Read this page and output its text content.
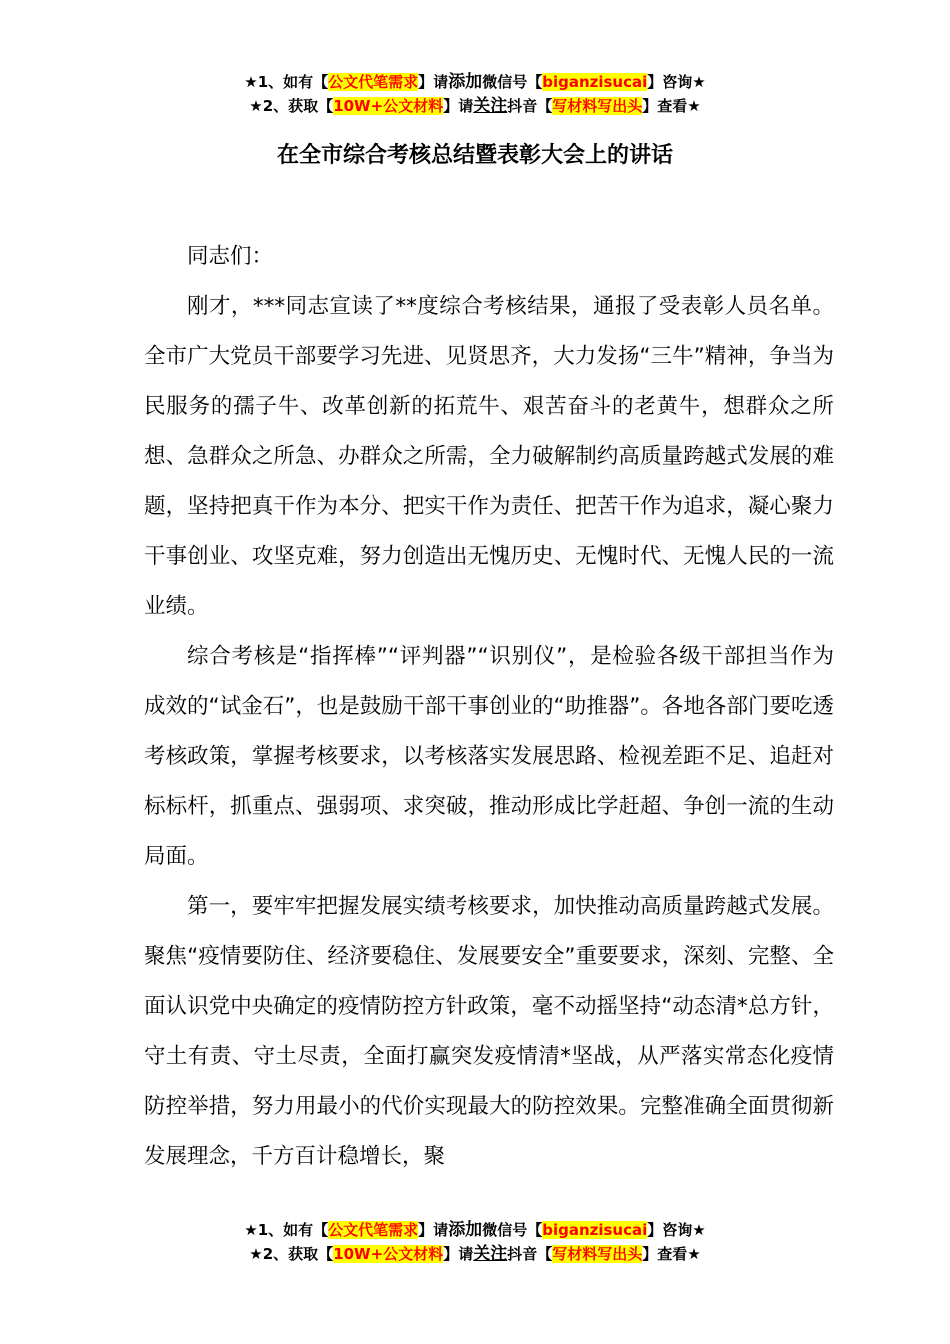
★1、如有【公文代笔需求】请添加微信号【biganzisucai】咨询★
★2、获取【10W+公文材料】请关注抖音【写材料写出头】查看★
在全市综合考核总结暨表彰大会上的讲话

同志们：

刚才，***同志宣读了**度综合考核结果，通报了受表彰人员名单。全市广大党员干部要学习先进、见贤思齐，大力发扬“三牛”精神，争当为民服务的孺子牛、改革创新的拓荒牛、艰苦奋斗的老黄牛，想群众之所想、急群众之所急、办群众之所需，全力破解制约高质量跨越式发展的难题，坚持把真干作为本分、把实干作为责任、把苦干作为追求，凝心聚力干事创业、攻坚克难，努力创造出无愧历史、无愧时代、无愧人民的一流业绩。

综合考核是“指挥棒”“评判器”“识别仪”，是检验各级干部担当作为成效的“试金石”，也是鼓励干部干事创业的“助推器”。各地各部门要吃透考核政策，掌握考核要求，以考核落实发展思路、检视差距不足、追赶对标标杆，抓重点、强弱项、求突破，推动形成比学赶超、争创一流的生动局面。

第一，要牢牢把握发展实绩考核要求，加快推动高质量跨越式发展。聚焦“疫情要防住、经济要稳住、发展要安全”重要要求，深刻、完整、全面认识党中央确定的疫情防控方针政策，毫不动摇坚持“动态清*总方针，守土有责、守土尽责，全面打赢突发疫情清*坚战，从严落实常态化疫情防控举措，努力用最小的代价实现最大的防控效果。完整准确全面贯彻新发展理念，千方百计稳增长，聚

★1、如有【公文代笔需求】请添加微信号【biganzisucai】咨询★
★2、获取【10W+公文材料】请关注抖音【写材料写出头】查看★
